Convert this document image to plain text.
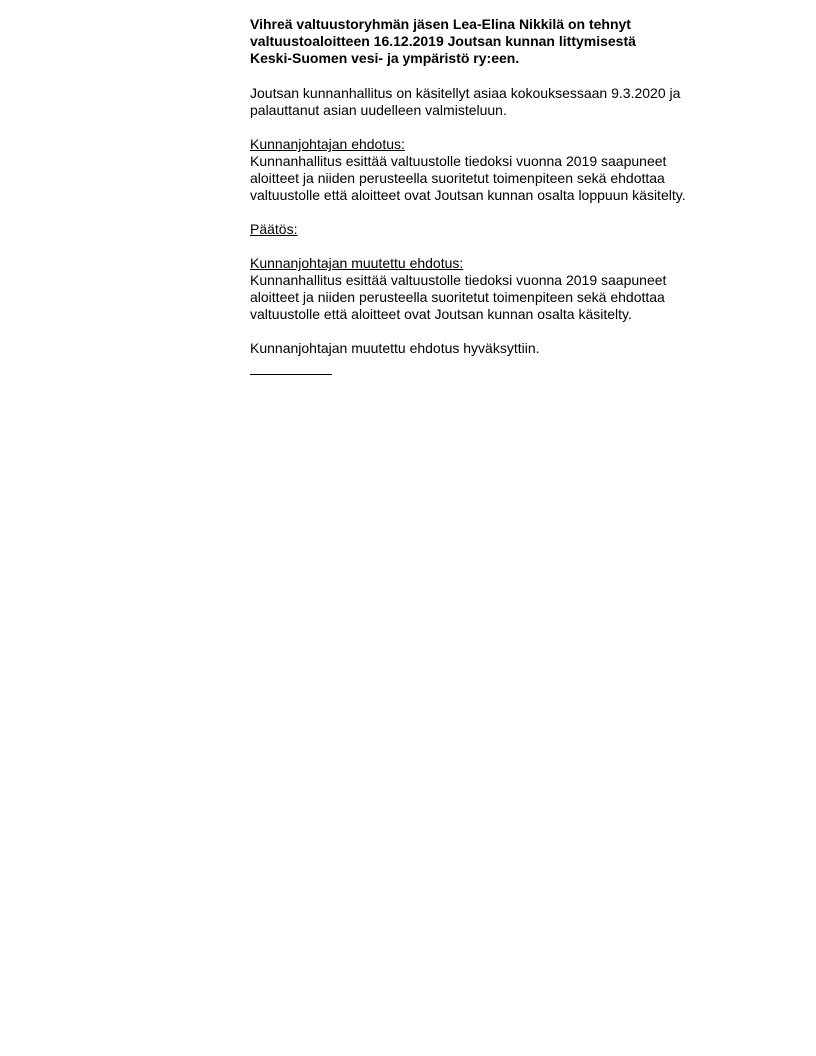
Vihreä valtuustoryhmän jäsen Lea-Elina Nikkilä on tehnyt
valtuustoaloitteen 16.12.2019 Joutsan kunnan littymisestä
Keski-Suomen vesi- ja ympäristö ry:een.
Joutsan kunnanhallitus on käsitellyt asiaa kokouksessaan 9.3.2020 ja
palauttanut asian uudelleen valmisteluun.
Kunnanjohtajan ehdotus:
Kunnanhallitus esittää valtuustolle tiedoksi vuonna 2019 saapuneet
aloitteet ja niiden perusteella suoritetut toimenpiteen sekä ehdottaa
valtuustolle että aloitteet ovat Joutsan kunnan osalta loppuun käsitelty.
Päätös:
Kunnanjohtajan muutettu ehdotus:
Kunnanhallitus esittää valtuustolle tiedoksi vuonna 2019 saapuneet
aloitteet ja niiden perusteella suoritetut toimenpiteen sekä ehdottaa
valtuustolle että aloitteet ovat Joutsan kunnan osalta käsitelty.
Kunnanjohtajan muutettu ehdotus hyväksyttiin.
